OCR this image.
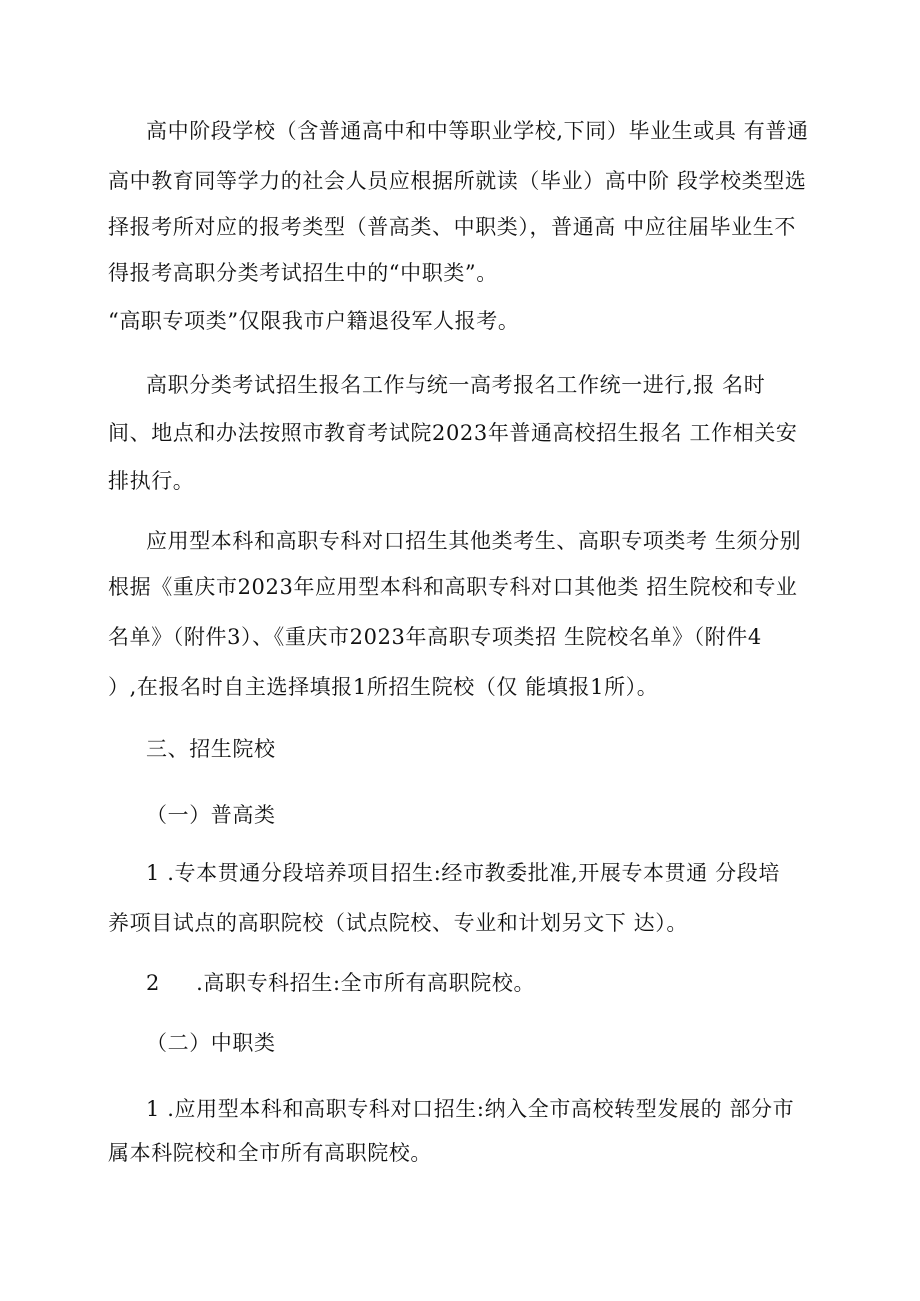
高中阶段学校（含普通高中和中等职业学校,下同）毕业生或具 有普通

高中教育同等学力的社会人员应根据所就读（毕业）高中阶 段学校类型选

择报考所对应的报考类型（普高类、中职类），普通高 中应往届毕业生不

得报考高职分类考试招生中的“中职类”。

“高职专项类”仅限我市户籍退役军人报考。

高职分类考试招生报名工作与统一高考报名工作统一进行,报 名时

间、地点和办法按照市教育考试院2023年普通高校招生报名 工作相关安

排执行。

应用型本科和高职专科对口招生其他类考生、高职专项类考 生须分别

根据《重庆市2023年应用型本科和高职专科对口其他类 招生院校和专业

名单》（附件3）、《重庆市2023年高职专项类招 生院校名单》（附件4

）,在报名时自主选择填报1所招生院校（仅 能填报1所）。

三、招生院校

（一）普高类

1 .专本贯通分段培养项目招生:经市教委批准,开展专本贯通 分段培

养项目试点的高职院校（试点院校、专业和计划另文下 达）。

2 　 .高职专科招生:全市所有高职院校。

（二）中职类

1 .应用型本科和高职专科对口招生:纳入全市高校转型发展的 部分市

属本科院校和全市所有高职院校。
